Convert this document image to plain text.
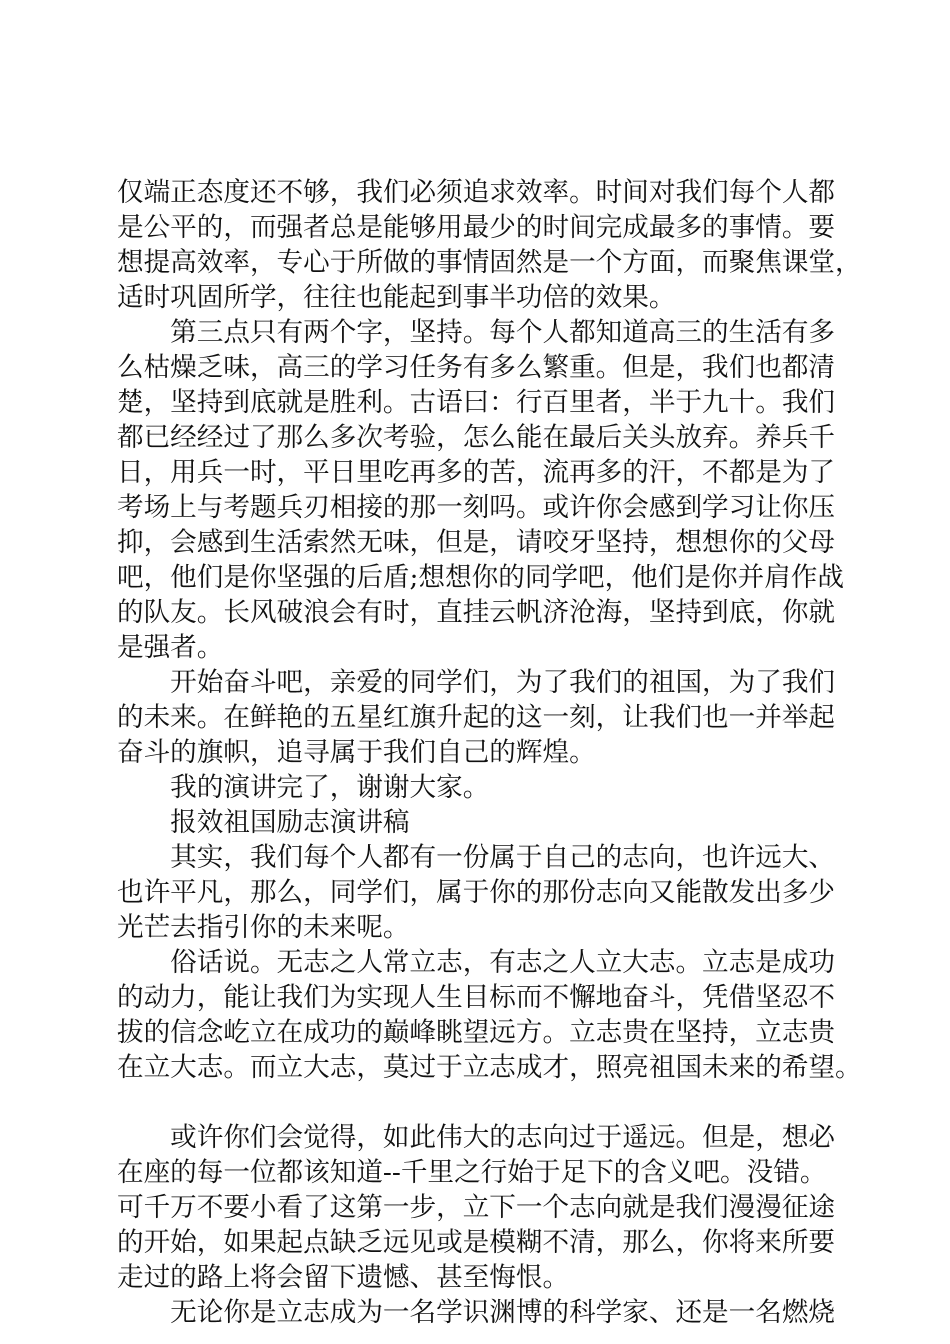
仅端正态度还不够，我们必须追求效率。时间对我们每个人都
是公平的，而强者总是能够用最少的时间完成最多的事情。要
想提高效率，专心于所做的事情固然是一个方面，而聚焦课堂，
适时巩固所学，往往也能起到事半功倍的效果。
　　第三点只有两个字，坚持。每个人都知道高三的生活有多
么枯燥乏味，高三的学习任务有多么繁重。但是，我们也都清
楚，坚持到底就是胜利。古语曰：行百里者，半于九十。我们
都已经经过了那么多次考验，怎么能在最后关头放弃。养兵千
日，用兵一时，平日里吃再多的苦，流再多的汗，不都是为了
考场上与考题兵刃相接的那一刻吗。或许你会感到学习让你压
抑，会感到生活索然无味，但是，请咬牙坚持，想想你的父母
吧，他们是你坚强的后盾;想想你的同学吧，他们是你并肩作战
的队友。长风破浪会有时，直挂云帆济沧海，坚持到底，你就
是强者。
　　开始奋斗吧，亲爱的同学们，为了我们的祖国，为了我们
的未来。在鲜艳的五星红旗升起的这一刻，让我们也一并举起
奋斗的旗帜，追寻属于我们自己的辉煌。
　　我的演讲完了，谢谢大家。
　　报效祖国励志演讲稿
　　其实，我们每个人都有一份属于自己的志向，也许远大、
也许平凡，那么，同学们，属于你的那份志向又能散发出多少
光芒去指引你的未来呢。
　　俗话说。无志之人常立志，有志之人立大志。立志是成功
的动力，能让我们为实现人生目标而不懈地奋斗，凭借坚忍不
拔的信念屹立在成功的巅峰眺望远方。立志贵在坚持，立志贵
在立大志。而立大志，莫过于立志成才，照亮祖国未来的希望。
　　或许你们会觉得，如此伟大的志向过于遥远。但是，想必
在座的每一位都该知道--千里之行始于足下的含义吧。没错。
可千万不要小看了这第一步，立下一个志向就是我们漫漫征途
的开始，如果起点缺乏远见或是模糊不清，那么，你将来所要
走过的路上将会留下遗憾、甚至悔恨。
　　无论你是立志成为一名学识渊博的科学家、还是一名燃烧
